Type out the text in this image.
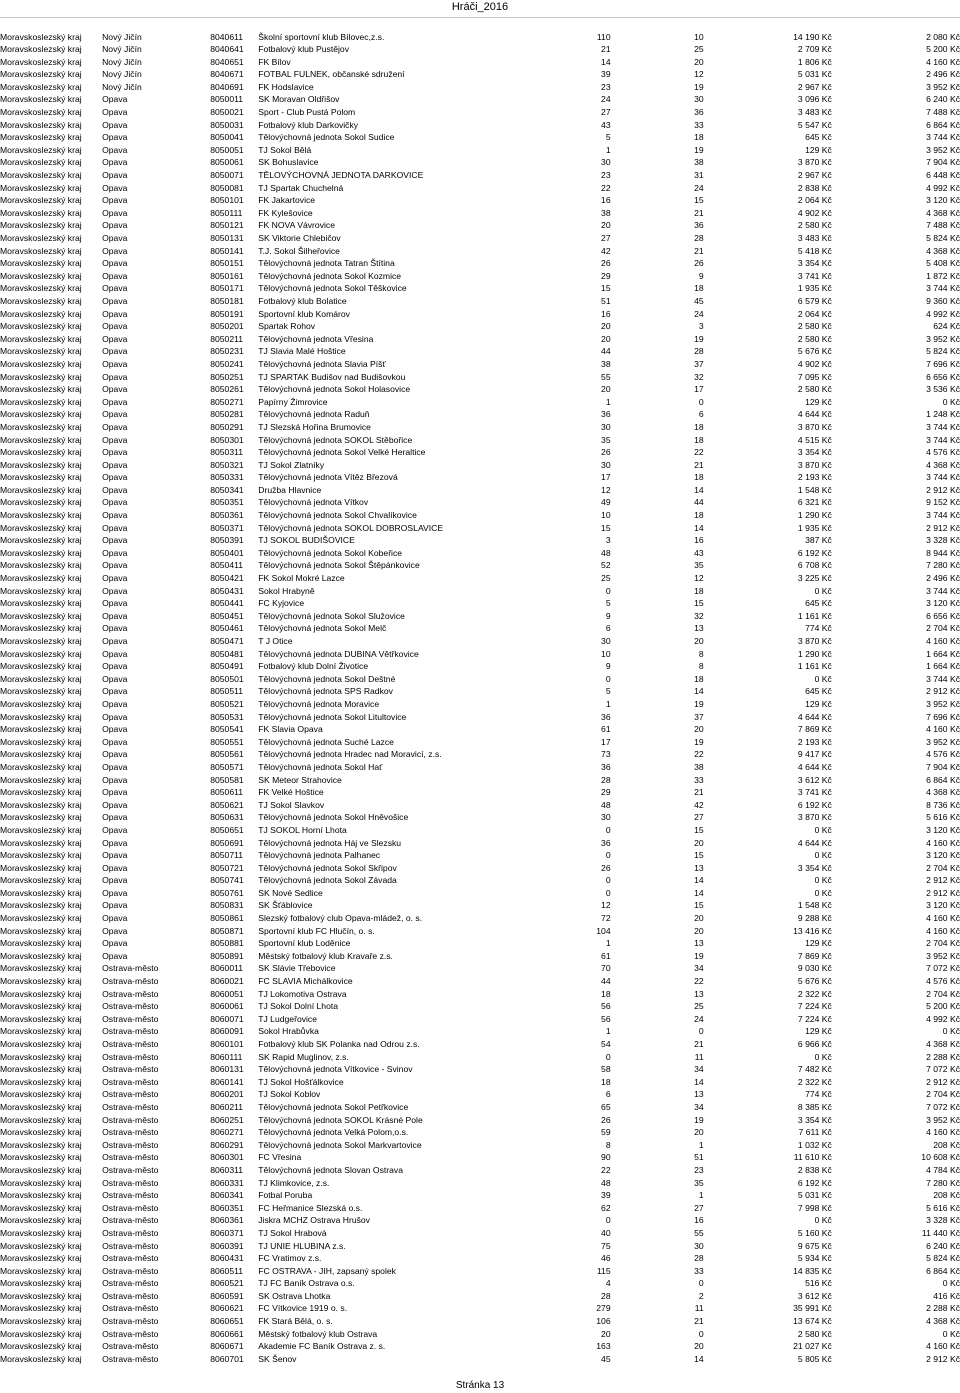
Hráči_2016
Moravskoslezský kraj	Nový Jičín	8040611	Školní sportovní klub Bílovec,z.s.	110	10	14 190 Kč	2 080 Kč
Moravskoslezský kraj	Nový Jičín	8040641	Fotbalový klub Pustějov	21	25	2 709 Kč	5 200 Kč
Moravskoslezský kraj	Nový Jičín	8040651	FK Bílov	14	20	1 806 Kč	4 160 Kč
Moravskoslezský kraj	Nový Jičín	8040671	FOTBAL FULNEK, občanské sdružení	39	12	5 031 Kč	2 496 Kč
Moravskoslezský kraj	Nový Jičín	8040691	FK Hodslavice	23	19	2 967 Kč	3 952 Kč
Moravskoslezský kraj	Opava	8050011	SK Moravan Oldřišov	24	30	3 096 Kč	6 240 Kč
Moravskoslezský kraj	Opava	8050021	Sport - Club Pustá Polom	27	36	3 483 Kč	7 488 Kč
Moravskoslezský kraj	Opava	8050031	Fotbalový klub Darkovičky	43	33	5 547 Kč	6 864 Kč
Moravskoslezský kraj	Opava	8050041	Tělovýchovná jednota Sokol Sudice	5	18	645 Kč	3 744 Kč
Moravskoslezský kraj	Opava	8050051	TJ Sokol Bělá	1	19	129 Kč	3 952 Kč
Moravskoslezský kraj	Opava	8050061	SK Bohuslavice	30	38	3 870 Kč	7 904 Kč
Moravskoslezský kraj	Opava	8050071	TĚLOVÝCHOVNÁ JEDNOTA DARKOVICE	23	31	2 967 Kč	6 448 Kč
Moravskoslezský kraj	Opava	8050081	TJ Spartak Chuchelná	22	24	2 838 Kč	4 992 Kč
Moravskoslezský kraj	Opava	8050101	FK Jakartovice	16	15	2 064 Kč	3 120 Kč
Moravskoslezský kraj	Opava	8050111	FK Kylešovice	38	21	4 902 Kč	4 368 Kč
Moravskoslezský kraj	Opava	8050121	FK NOVA Vávrovice	20	36	2 580 Kč	7 488 Kč
Moravskoslezský kraj	Opava	8050131	SK Viktorie Chlebičov	27	28	3 483 Kč	5 824 Kč
Moravskoslezský kraj	Opava	8050141	T.J. Sokol Šilheřovice	42	21	5 418 Kč	4 368 Kč
Moravskoslezský kraj	Opava	8050151	Tělovýchovná jednota Tatran Štítina	26	26	3 354 Kč	5 408 Kč
Moravskoslezský kraj	Opava	8050161	Tělovýchovná jednota Sokol Kozmice	29	9	3 741 Kč	1 872 Kč
Moravskoslezský kraj	Opava	8050171	Tělovýchovná jednota Sokol Těškovice	15	18	1 935 Kč	3 744 Kč
Moravskoslezský kraj	Opava	8050181	Fotbalový klub Bolatice	51	45	6 579 Kč	9 360 Kč
Moravskoslezský kraj	Opava	8050191	Sportovní klub Komárov	16	24	2 064 Kč	4 992 Kč
Moravskoslezský kraj	Opava	8050201	Spartak Rohov	20	3	2 580 Kč	624 Kč
Moravskoslezský kraj	Opava	8050211	Tělovýchovná jednota Vřesina	20	19	2 580 Kč	3 952 Kč
Moravskoslezský kraj	Opava	8050231	TJ Slavia Malé Hoštice	44	28	5 676 Kč	5 824 Kč
Moravskoslezský kraj	Opava	8050241	Tělovýchovná jednota Slavia Píšť	38	37	4 902 Kč	7 696 Kč
Moravskoslezský kraj	Opava	8050251	TJ SPARTAK Budišov nad Budišovkou	55	32	7 095 Kč	6 656 Kč
Moravskoslezský kraj	Opava	8050261	Tělovýchovná jednota Sokol Holasovice	20	17	2 580 Kč	3 536 Kč
Moravskoslezský kraj	Opava	8050271	Papírny Žimrovice	1	0	129 Kč	0 Kč
Moravskoslezský kraj	Opava	8050281	Tělovýchovná jednota Raduň	36	6	4 644 Kč	1 248 Kč
Moravskoslezský kraj	Opava	8050291	TJ Slezská Hořina Brumovice	30	18	3 870 Kč	3 744 Kč
Moravskoslezský kraj	Opava	8050301	Tělovýchovná jednota SOKOL Stěbořice	35	18	4 515 Kč	3 744 Kč
Moravskoslezský kraj	Opava	8050311	Tělovýchovná jednota Sokol Velké Heraltice	26	22	3 354 Kč	4 576 Kč
Moravskoslezský kraj	Opava	8050321	TJ Sokol Zlatníky	30	21	3 870 Kč	4 368 Kč
Moravskoslezský kraj	Opava	8050331	Tělovýchovná jednota Vítěz Březová	17	18	2 193 Kč	3 744 Kč
Moravskoslezský kraj	Opava	8050341	Družba Hlavnice	12	14	1 548 Kč	2 912 Kč
Moravskoslezský kraj	Opava	8050351	Tělovýchovná jednota Vítkov	49	44	6 321 Kč	9 152 Kč
Moravskoslezský kraj	Opava	8050361	Tělovýchovná jednota Sokol Chvalíkovice	10	18	1 290 Kč	3 744 Kč
Moravskoslezský kraj	Opava	8050371	Tělovýchovná jednota SOKOL DOBROSLAVICE	15	14	1 935 Kč	2 912 Kč
Moravskoslezský kraj	Opava	8050391	TJ SOKOL BUDIŠOVICE	3	16	387 Kč	3 328 Kč
Moravskoslezský kraj	Opava	8050401	Tělovýchovná jednota Sokol Kobeřice	48	43	6 192 Kč	8 944 Kč
Moravskoslezský kraj	Opava	8050411	Tělovýchovná jednota Sokol Štěpánkovice	52	35	6 708 Kč	7 280 Kč
Moravskoslezský kraj	Opava	8050421	FK Sokol Mokré Lazce	25	12	3 225 Kč	2 496 Kč
Moravskoslezský kraj	Opava	8050431	Sokol Hrabyně	0	18	0 Kč	3 744 Kč
Moravskoslezský kraj	Opava	8050441	FC Kyjovice	5	15	645 Kč	3 120 Kč
Moravskoslezský kraj	Opava	8050451	Tělovýchovná jednota Sokol Služovice	9	32	1 161 Kč	6 656 Kč
Moravskoslezský kraj	Opava	8050461	Tělovýchovná jednota Sokol Melč	6	13	774 Kč	2 704 Kč
Moravskoslezský kraj	Opava	8050471	T J Otice	30	20	3 870 Kč	4 160 Kč
Moravskoslezský kraj	Opava	8050481	Tělovýchovná jednota DUBINA Větřkovice	10	8	1 290 Kč	1 664 Kč
Moravskoslezský kraj	Opava	8050491	Fotbalový klub Dolní Životice	9	8	1 161 Kč	1 664 Kč
Moravskoslezský kraj	Opava	8050501	Tělovýchovná jednota Sokol Deštné	0	18	0 Kč	3 744 Kč
Moravskoslezský kraj	Opava	8050511	Tělovýchovná jednota SPS Radkov	5	14	645 Kč	2 912 Kč
Moravskoslezský kraj	Opava	8050521	Tělovýchovná jednota Moravice	1	19	129 Kč	3 952 Kč
Moravskoslezský kraj	Opava	8050531	Tělovýchovná jednota Sokol Litultovice	36	37	4 644 Kč	7 696 Kč
Moravskoslezský kraj	Opava	8050541	FK Slavia Opava	61	20	7 869 Kč	4 160 Kč
Moravskoslezský kraj	Opava	8050551	Tělovýchovná jednota Suché Lazce	17	19	2 193 Kč	3 952 Kč
Moravskoslezský kraj	Opava	8050561	Tělovýchovná jednota Hradec nad Moravicí, z.s.	73	22	9 417 Kč	4 576 Kč
Moravskoslezský kraj	Opava	8050571	Tělovýchovná jednota Sokol Hať	36	38	4 644 Kč	7 904 Kč
Moravskoslezský kraj	Opava	8050581	SK Meteor Strahovice	28	33	3 612 Kč	6 864 Kč
Moravskoslezský kraj	Opava	8050611	FK Velké Hoštice	29	21	3 741 Kč	4 368 Kč
Moravskoslezský kraj	Opava	8050621	TJ Sokol Slavkov	48	42	6 192 Kč	8 736 Kč
Moravskoslezský kraj	Opava	8050631	Tělovýchovná jednota Sokol Hněvošice	30	27	3 870 Kč	5 616 Kč
Moravskoslezský kraj	Opava	8050651	TJ SOKOL Horní Lhota	0	15	0 Kč	3 120 Kč
Moravskoslezský kraj	Opava	8050691	Tělovýchovná jednota Háj ve Slezsku	36	20	4 644 Kč	4 160 Kč
Moravskoslezský kraj	Opava	8050711	Tělovýchovná jednota Palhanec	0	15	0 Kč	3 120 Kč
Moravskoslezský kraj	Opava	8050721	Tělovýchovná jednota Sokol Skřipov	26	13	3 354 Kč	2 704 Kč
Moravskoslezský kraj	Opava	8050741	Tělovýchovná jednota Sokol Závada	0	14	0 Kč	2 912 Kč
Moravskoslezský kraj	Opava	8050761	SK Nové Sedlice	0	14	0 Kč	2 912 Kč
Moravskoslezský kraj	Opava	8050831	SK Šťáblovice	12	15	1 548 Kč	3 120 Kč
Moravskoslezský kraj	Opava	8050861	Slezský fotbalový club Opava-mládež, o. s.	72	20	9 288 Kč	4 160 Kč
Moravskoslezský kraj	Opava	8050871	Sportovní klub FC Hlučín, o. s.	104	20	13 416 Kč	4 160 Kč
Moravskoslezský kraj	Opava	8050881	Sportovní klub Loděnice	1	13	129 Kč	2 704 Kč
Moravskoslezský kraj	Opava	8050891	Městský fotbalový klub Kravaře z.s.	61	19	7 869 Kč	3 952 Kč
Moravskoslezský kraj	Ostrava-město	8060011	SK Slávie Třebovice	70	34	9 030 Kč	7 072 Kč
Moravskoslezský kraj	Ostrava-město	8060021	FC SLAVIA Michálkovice	44	22	5 676 Kč	4 576 Kč
Moravskoslezský kraj	Ostrava-město	8060051	TJ Lokomotiva Ostrava	18	13	2 322 Kč	2 704 Kč
Moravskoslezský kraj	Ostrava-město	8060061	TJ Sokol Dolní Lhota	56	25	7 224 Kč	5 200 Kč
Moravskoslezský kraj	Ostrava-město	8060071	TJ Ludgeřovice	56	24	7 224 Kč	4 992 Kč
Moravskoslezský kraj	Ostrava-město	8060091	Sokol Hrabůvka	1	0	129 Kč	0 Kč
Moravskoslezský kraj	Ostrava-město	8060101	Fotbalový klub SK Polanka nad Odrou z.s.	54	21	6 966 Kč	4 368 Kč
Moravskoslezský kraj	Ostrava-město	8060111	SK Rapid Muglinov, z.s.	0	11	0 Kč	2 288 Kč
Moravskoslezský kraj	Ostrava-město	8060131	Tělovýchovná jednota Vítkovice - Svinov	58	34	7 482 Kč	7 072 Kč
Moravskoslezský kraj	Ostrava-město	8060141	TJ Sokol Hošťálkovice	18	14	2 322 Kč	2 912 Kč
Moravskoslezský kraj	Ostrava-město	8060201	TJ Sokol Koblov	6	13	774 Kč	2 704 Kč
Moravskoslezský kraj	Ostrava-město	8060211	Tělovýchovná jednota Sokol Petřkovice	65	34	8 385 Kč	7 072 Kč
Moravskoslezský kraj	Ostrava-město	8060251	Tělovýchovná jednota SOKOL Krásné Pole	26	19	3 354 Kč	3 952 Kč
Moravskoslezský kraj	Ostrava-město	8060271	Tělovýchovná jednota Velká Polom,o.s.	59	20	7 611 Kč	4 160 Kč
Moravskoslezský kraj	Ostrava-město	8060291	Tělovýchovná jednota Sokol Markvartovice	8	1	1 032 Kč	208 Kč
Moravskoslezský kraj	Ostrava-město	8060301	FC Vřesina	90	51	11 610 Kč	10 608 Kč
Moravskoslezský kraj	Ostrava-město	8060311	Tělovýchovná jednota Slovan Ostrava	22	23	2 838 Kč	4 784 Kč
Moravskoslezský kraj	Ostrava-město	8060331	TJ Klimkovice, z.s.	48	35	6 192 Kč	7 280 Kč
Moravskoslezský kraj	Ostrava-město	8060341	Fotbal Poruba	39	1	5 031 Kč	208 Kč
Moravskoslezský kraj	Ostrava-město	8060351	FC Heřmanice Slezská o.s.	62	27	7 998 Kč	5 616 Kč
Moravskoslezský kraj	Ostrava-město	8060361	Jiskra MCHZ Ostrava Hrušov	0	16	0 Kč	3 328 Kč
Moravskoslezský kraj	Ostrava-město	8060371	TJ Sokol Hrabová	40	55	5 160 Kč	11 440 Kč
Moravskoslezský kraj	Ostrava-město	8060391	TJ UNIE HLUBINA z.s.	75	30	9 675 Kč	6 240 Kč
Moravskoslezský kraj	Ostrava-město	8060431	FC Vratimov z.s.	46	28	5 934 Kč	5 824 Kč
Moravskoslezský kraj	Ostrava-město	8060511	FC OSTRAVA - JIH, zapsaný spolek	115	33	14 835 Kč	6 864 Kč
Moravskoslezský kraj	Ostrava-město	8060521	TJ FC Baník Ostrava o.s.	4	0	516 Kč	0 Kč
Moravskoslezský kraj	Ostrava-město	8060591	SK Ostrava Lhotka	28	2	3 612 Kč	416 Kč
Moravskoslezský kraj	Ostrava-město	8060621	FC Vítkovice 1919 o. s.	279	11	35 991 Kč	2 288 Kč
Moravskoslezský kraj	Ostrava-město	8060651	FK Stará Bělá, o. s.	106	21	13 674 Kč	4 368 Kč
Moravskoslezský kraj	Ostrava-město	8060661	Městský fotbalový klub Ostrava	20	0	2 580 Kč	0 Kč
Moravskoslezský kraj	Ostrava-město	8060671	Akademie FC Baník Ostrava z. s.	163	20	21 027 Kč	4 160 Kč
Moravskoslezský kraj	Ostrava-město	8060701	SK Šenov	45	14	5 805 Kč	2 912 Kč
Stránka 13
